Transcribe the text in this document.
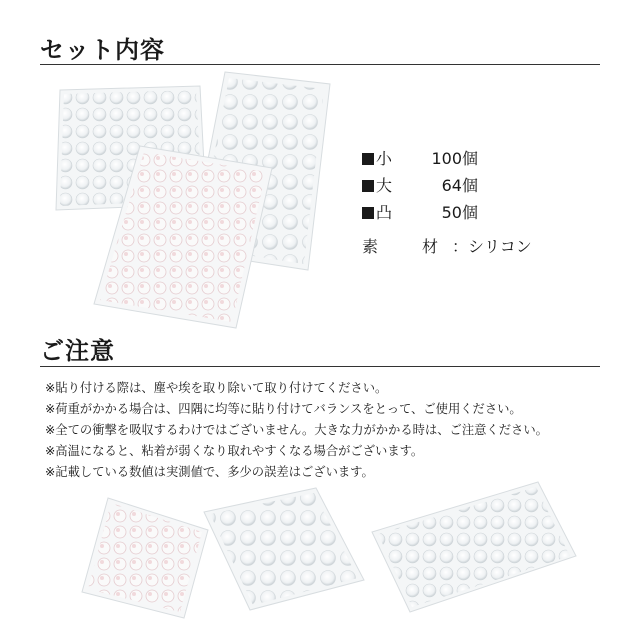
セット内容
小	100個
大	64個
凸	50個
素　材 ：シリコン
ご注意
※貼り付ける際は、塵や埃を取り除いて取り付けてください。
※荷重がかかる場合は、四隅に均等に貼り付けてバランスをとって、ご使用ください。
※全ての衝撃を吸収するわけではございません。大きな力がかかる時は、ご注意ください。
※高温になると、粘着が弱くなり取れやすくなる場合がございます。
※記載している数値は実測値で、多少の誤差はございます。
